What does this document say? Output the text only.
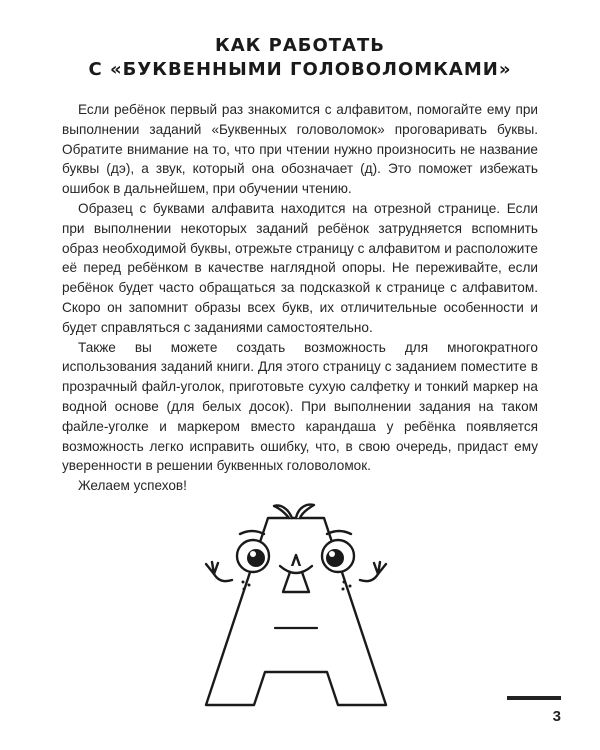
КАК РАБОТАТЬ
С «БУКВЕННЫМИ ГОЛОВОЛОМКАМИ»

Если ребёнок первый раз знакомится с алфавитом, помогайте ему при выполнении заданий «Буквенных головоломок» проговаривать буквы. Обратите внимание на то, что при чтении нужно произносить не название буквы (дэ), а звук, который она обозначает (д). Это поможет избежать ошибок в дальнейшем, при обучении чтению.

Образец с буквами алфавита находится на отрезной странице. Если при выполнении некоторых заданий ребёнок затрудняется вспомнить образ необходимой буквы, отрежьте страницу с алфавитом и расположите её перед ребёнком в качестве наглядной опоры. Не переживайте, если ребёнок будет часто обращаться за подсказкой к странице с алфавитом. Скоро он запомнит образы всех букв, их отличительные особенности и будет справляться с заданиями самостоятельно.

Также вы можете создать возможность для многократного использования заданий книги. Для этого страницу с заданием поместите в прозрачный файл-уголок, приготовьте сухую салфетку и тонкий маркер на водной основе (для белых досок). При выполнении задания на таком файле-уголке и маркером вместо карандаша у ребёнка появляется возможность легко исправить ошибку, что, в свою очередь, придаст ему уверенности в решении буквенных головоломок.

Желаем успехов!

3
